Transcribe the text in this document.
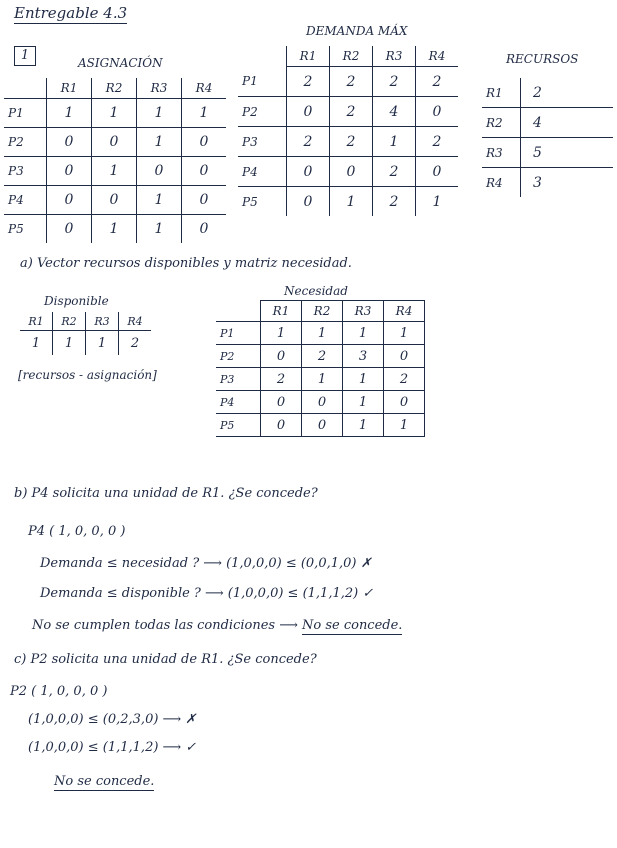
Entregable 4.3
1	ASIGNACIÓN
	R1	R2	R3	R4
P1	1	1	1	1
P2	0	0	1	0
P3	0	1	0	0
P4	0	0	1	0
P5	0	1	1	0
DEMANDA MÁX
	R1	R2	R3	R4
P1	2	2	2	2
P2	0	2	4	0
P3	2	2	1	2
P4	0	0	2	0
P5	0	1	2	1
RECURSOS
R1	2
R2	4
R3	5
R4	3
a) Vector recursos disponibles y matriz necesidad.
Disponible
R1	R2	R3	R4
1	1	1	2
[recursos - asignación]
Necesidad
	R1	R2	R3	R4
P1	1	1	1	1
P2	0	2	3	0
P3	2	1	1	2
P4	0	0	1	0
P5	0	0	1	1
b) P4 solicita una unidad de R1. ¿Se concede?
P4 ( 1, 0, 0, 0 )
Demanda ≤ necesidad ? ⟶ (1,0,0,0) ≤ (0,0,1,0) ✗
Demanda ≤ disponible ? ⟶ (1,0,0,0) ≤ (1,1,1,2) ✓
No se cumplen todas las condiciones ⟶ No se concede.
c) P2 solicita una unidad de R1. ¿Se concede?
P2 ( 1, 0, 0, 0 )
(1,0,0,0) ≤ (0,2,3,0) ⟶ ✗
(1,0,0,0) ≤ (1,1,1,2) ⟶ ✓
No se concede.
